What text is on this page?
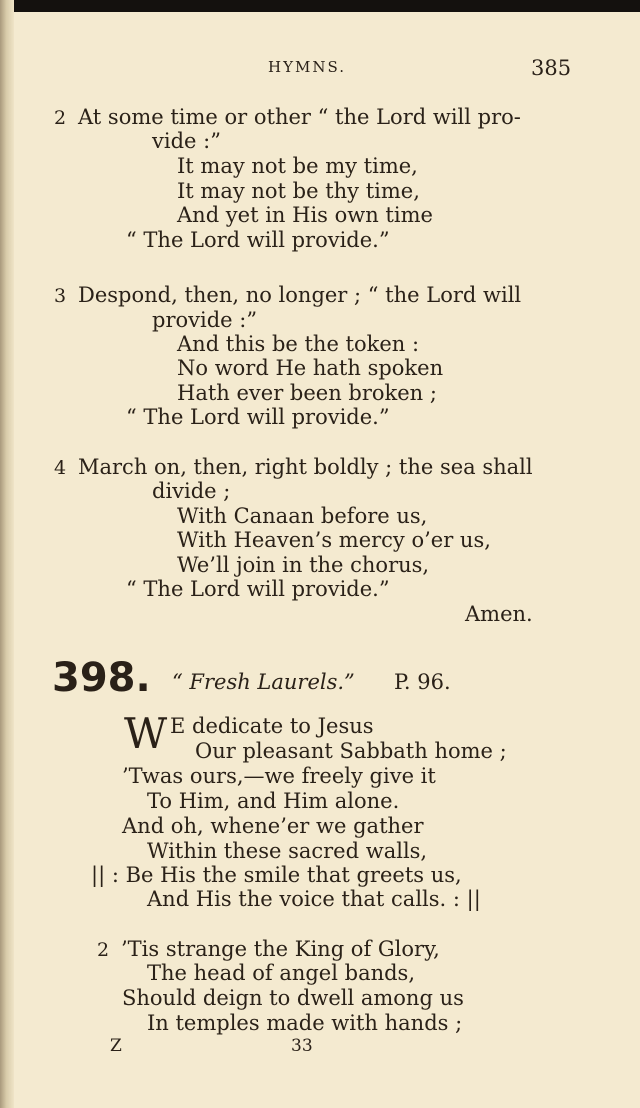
HYMNS.	385
2 At some time or other “ the Lord will pro-
vide :”
It may not be my time,
It may not be thy time,
And yet in His own time
“ The Lord will provide.”
3 Despond, then, no longer ; “ the Lord will
provide :”
And this be the token :
No word He hath spoken
Hath ever been broken ;
“ The Lord will provide.”
4 March on, then, right boldly ; the sea shall
divide ;
With Canaan before us,
With Heaven’s mercy o’er us,
We’ll join in the chorus,
“ The Lord will provide.”
Amen.
398. “ Fresh Laurels.” P. 96.
W E dedicate to Jesus
Our pleasant Sabbath home ;
’Twas ours,—we freely give it
To Him, and Him alone.
And oh, whene’er we gather
Within these sacred walls,
|| : Be His the smile that greets us,
And His the voice that calls. : ||
2 ’Tis strange the King of Glory,
The head of angel bands,
Should deign to dwell among us
In temples made with hands ;
Z	33
